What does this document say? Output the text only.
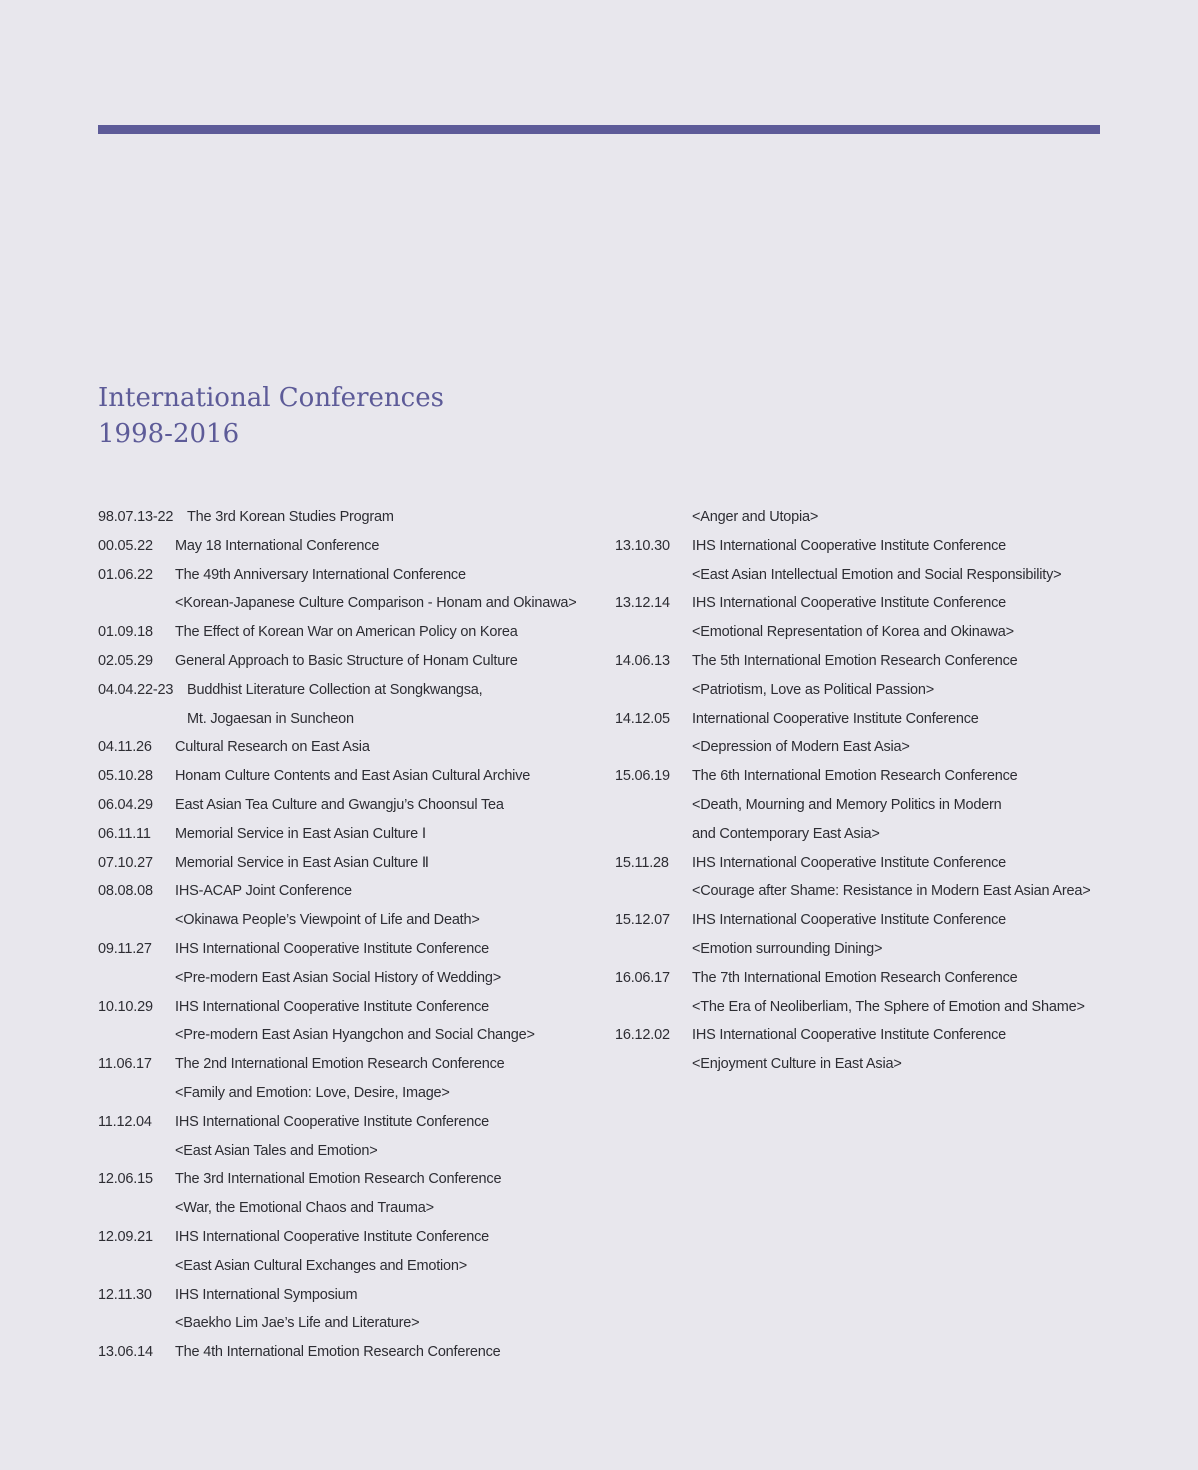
International Conferences
1998-2016
98.07.13-22 The 3rd Korean Studies Program
00.05.22	May 18 International Conference
01.06.22	The 49th Anniversary International Conference
<Korean-Japanese Culture Comparison - Honam and Okinawa>
01.09.18	The Effect of Korean War on American Policy on Korea
02.05.29	General Approach to Basic Structure of Honam Culture
04.04.22-23 Buddhist Literature Collection at Songkwangsa,
Mt. Jogaesan in Suncheon
04.11.26	Cultural Research on East Asia
05.10.28	Honam Culture Contents and East Asian Cultural Archive
06.04.29	East Asian Tea Culture and Gwangju’s Choonsul Tea
06.11.11	Memorial Service in East Asian Culture Ⅰ
07.10.27	Memorial Service in East Asian Culture Ⅱ
08.08.08	IHS-ACAP Joint Conference
<Okinawa People’s Viewpoint of Life and Death>
09.11.27	IHS International Cooperative Institute Conference
<Pre-modern East Asian Social History of Wedding>
10.10.29	IHS International Cooperative Institute Conference
<Pre-modern East Asian Hyangchon and Social Change>
11.06.17	The 2nd International Emotion Research Conference
<Family and Emotion: Love, Desire, Image>
11.12.04	IHS International Cooperative Institute Conference
<East Asian Tales and Emotion>
12.06.15	The 3rd International Emotion Research Conference
<War, the Emotional Chaos and Trauma>
12.09.21	IHS International Cooperative Institute Conference
<East Asian Cultural Exchanges and Emotion>
12.11.30	IHS International Symposium
<Baekho Lim Jae’s Life and Literature>
13.06.14	The 4th International Emotion Research Conference
<Anger and Utopia>
13.10.30	IHS International Cooperative Institute Conference
<East Asian Intellectual Emotion and Social Responsibility>
13.12.14	IHS International Cooperative Institute Conference
<Emotional Representation of Korea and Okinawa>
14.06.13	The 5th International Emotion Research Conference
<Patriotism, Love as Political Passion>
14.12.05	International Cooperative Institute Conference
<Depression of Modern East Asia>
15.06.19	The 6th International Emotion Research Conference
<Death, Mourning and Memory Politics in Modern
and Contemporary East Asia>
15.11.28	IHS International Cooperative Institute Conference
<Courage after Shame: Resistance in Modern East Asian Area>
15.12.07	IHS International Cooperative Institute Conference
<Emotion surrounding Dining>
16.06.17	The 7th International Emotion Research Conference
<The Era of Neoliberliam, The Sphere of Emotion and Shame>
16.12.02	IHS International Cooperative Institute Conference
<Enjoyment Culture in East Asia>
